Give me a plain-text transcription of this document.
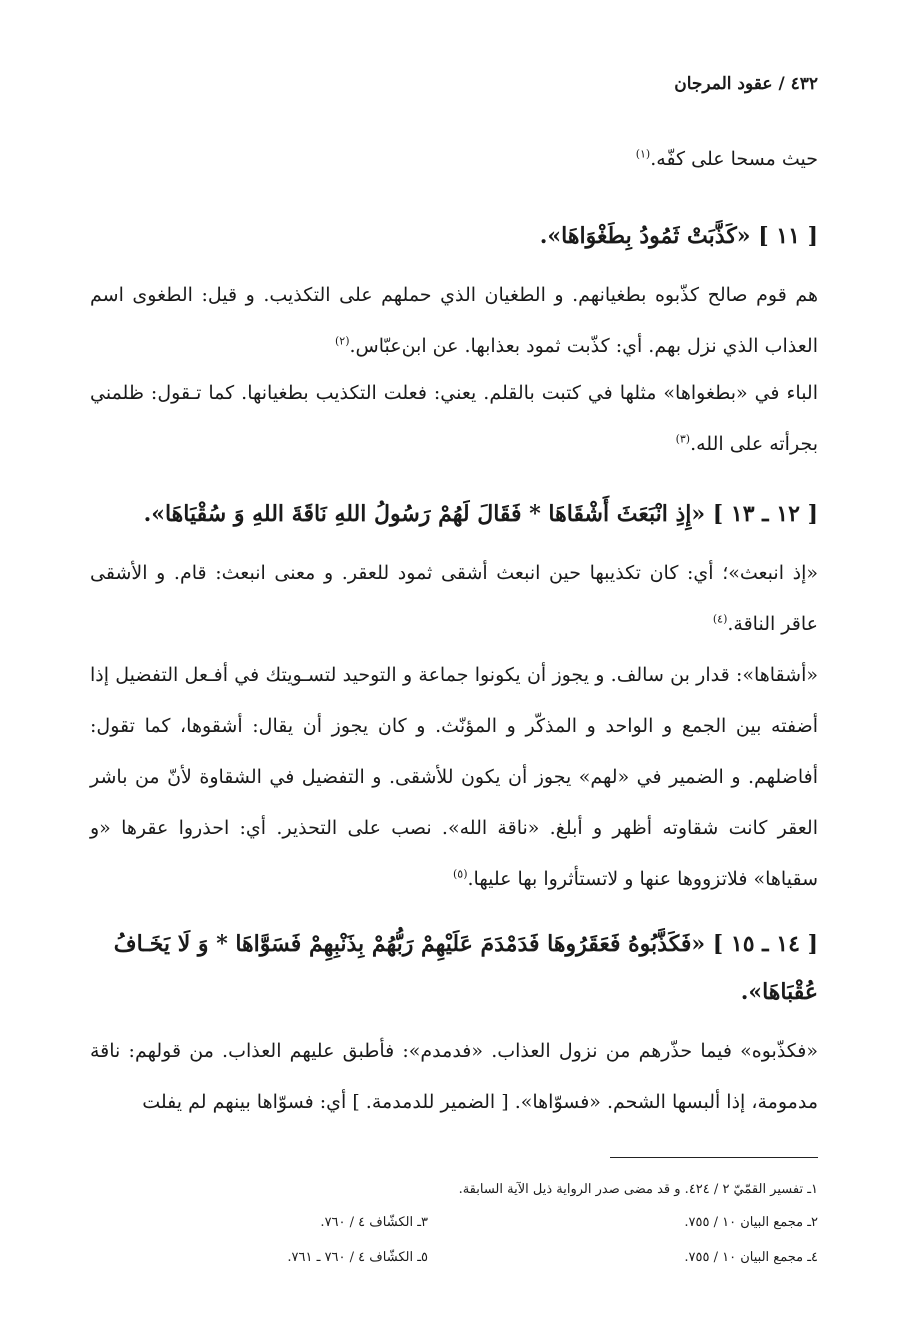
٤٣٢ / عقود المرجان
حيث مسحا على كفّه.$^{(١)}$
[ ١١ ] «كَذَّبَتْ ثَمُودُ بِطَغْوَاهَا».
هم قوم صالح كذّبوه بطغيانهم. و الطغيان الذي حملهم على التكذيب. و قيل: الطغوى اسم العذاب الذي نزل بهم. أي: كذّبت ثمود بعذابها. عن ابن‌عبّاس.$^{(٢)}$
الباء في «بطغواها» مثلها في كتبت بالقلم. يعني: فعلت التكذيب بطغيانها. كما تـقول: ظلمني بجرأته على الله.$^{(٣)}$
[ ١٢ ـ ١٣ ] «إِذِ انْبَعَثَ أَشْقَاهَا * فَقَالَ لَهُمْ رَسُولُ اللهِ نَاقَةَ اللهِ وَ سُقْيَاهَا».
«إذ انبعث»؛ أي: كان تكذيبها حين انبعث أشقى ثمود للعقر. و معنى انبعث: قام. و الأشقى عاقر الناقة.$^{(٤)}$
«أشقاها»: قدار بن سالف. و يجوز أن يكونوا جماعة و التوحيد لتسـويتك في أفـعل التفضيل إذا أضفته بين الجمع و الواحد و المذكّر و المؤنّث. و كان يجوز أن يقال: أشقوها، كما تقول: أفاضلهم. و الضمير في «لهم» يجوز أن يكون للأشقى. و التفضيل في الشقاوة لأنّ من باشر العقر كانت شقاوته أظهر و أبلغ. «ناقة الله». نصب على التحذير. أي: احذروا عقرها «و سقياها» فلاتزووها عنها و لاتستأثروا بها عليها.$^{(٥)}$
[ ١٤ ـ ١٥ ] «فَكَذَّبُوهُ فَعَقَرُوهَا فَدَمْدَمَ عَلَيْهِمْ رَبُّهُمْ بِذَنْبِهِمْ فَسَوَّاهَا * وَ لَا يَخَـافُ عُقْبَاهَا».
«فكذّبوه» فيما حذّرهم من نزول العذاب. «فدمدم»: فأطبق عليهم العذاب. من قولهم: ناقة مدمومة، إذا ألبسها الشحم. «فسوّاها». [ الضمير للدمدمة. ] أي: فسوّاها بينهم لم يفلت
١ـ تفسير القمّيّ ٢ / ٤٢٤. و قد مضى صدر الرواية ذيل الآية السابقة.
٢ـ مجمع البيان ١٠ / ٧٥٥.
٣ـ الكشّاف ٤ / ٧٦٠.
٤ـ مجمع البيان ١٠ / ٧٥٥.
٥ـ الكشّاف ٤ / ٧٦٠ ـ ٧٦١.
